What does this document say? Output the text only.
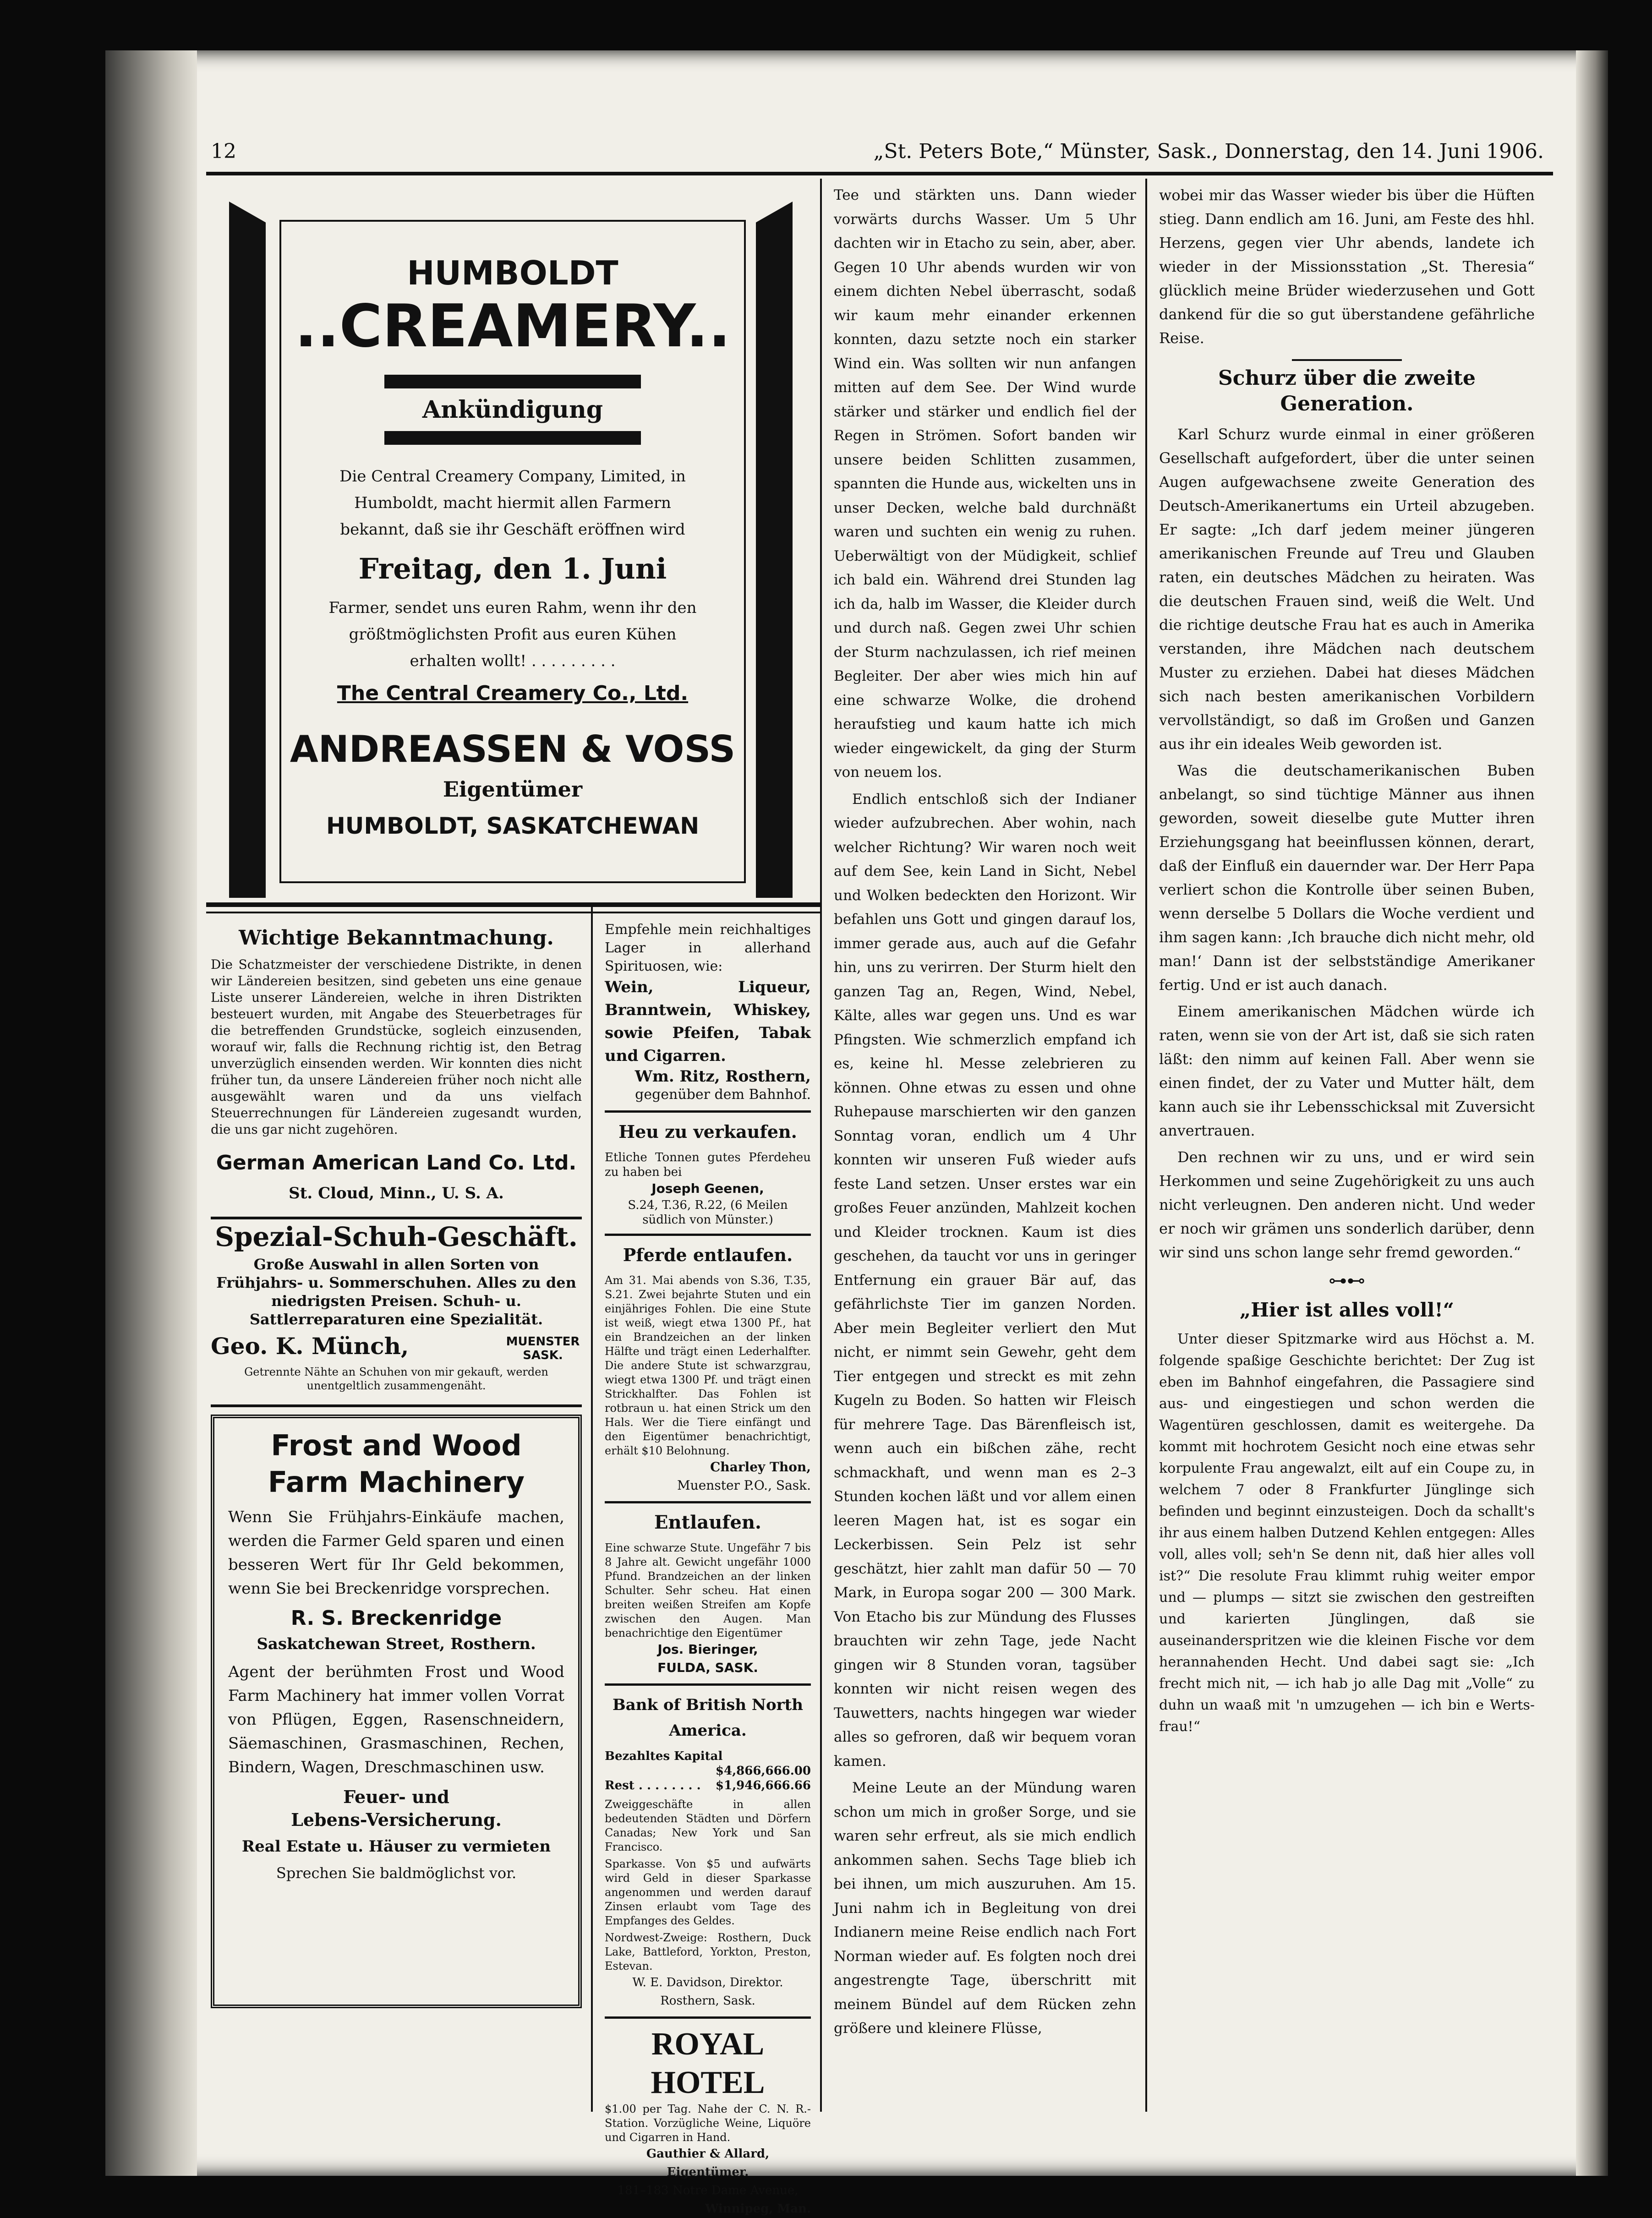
12	„St. Peters Bote,“ Münster, Sask., Donnerstag, den 14. Juni 1906.
HUMBOLDT
..CREAMERY..
Ankündigung
Die Central Creamery Company, Limited, in Humboldt, macht hiermit allen Farmern bekannt, daß sie ihr Geschäft eröffnen wird
Freitag, den 1. Juni
Farmer, sendet uns euren Rahm, wenn ihr den größtmöglichsten Profit aus euren Kühen erhalten wollt! . . . . . . . . .
The Central Creamery Co., Ltd.
ANDREASSEN & VOSS
Eigentümer
HUMBOLDT, SASKATCHEWAN
Wichtige Bekanntmachung.
Die Schatzmeister der verschiedene Distrikte, in denen wir Ländereien besitzen, sind gebeten uns eine genaue Liste unserer Ländereien, welche in ihren Distrikten besteuert wurden, mit Angabe des Steuerbetrages für die betreffenden Grundstücke, sogleich einzusenden, worauf wir, falls die Rechnung richtig ist, den Betrag unverzüglich einsenden werden. Wir konnten dies nicht früher tun, da unsere Ländereien früher noch nicht alle ausgewählt waren und da uns vielfach Steuerrechnungen für Ländereien zugesandt wurden, die uns gar nicht zugehören.
German American Land Co. Ltd.
St. Cloud, Minn., U. S. A.
Spezial-Schuh-Geschäft.
Große Auswahl in allen Sorten von Frühjahrs- u. Sommerschuhen. Alles zu den niedrigsten Preisen. Schuh- u. Sattlerreparaturen eine Spezialität.
Geo. K. Münch,	MUENSTER SASK.
Getrennte Nähte an Schuhen von mir gekauft, werden unentgeltlich zusammengenäht.
Frost and Wood
Farm Machinery
Wenn Sie Frühjahrs-Einkäufe machen, werden die Farmer Geld sparen und einen besseren Wert für Ihr Geld bekommen, wenn Sie bei Breckenridge vorsprechen.
R. S. Breckenridge
Saskatchewan Street, Rosthern.
Agent der berühmten Frost und Wood Farm Machinery hat immer vollen Vorrat von Pflügen, Eggen, Rasenschneidern, Säemaschinen, Grasmaschinen, Rechen, Bindern, Wagen, Dreschmaschinen usw.
Feuer- und
Lebens-Versicherung.
Real Estate u. Häuser zu vermieten
Sprechen Sie baldmöglichst vor.
Empfehle mein reichhaltiges Lager in allerhand Spirituosen, wie:
Wein, Liqueur, Branntwein, Whiskey, sowie Pfeifen, Tabak und Cigarren.
Wm. Ritz, Rosthern,
gegenüber dem Bahnhof.
Heu zu verkaufen.
Etliche Tonnen gutes Pferdeheu zu haben bei
Joseph Geenen,
S.24, T.36, R.22, (6 Meilen südlich von Münster.)
Pferde entlaufen.
Am 31. Mai abends von S.36, T.35, S.21. Zwei bejahrte Stuten und ein einjähriges Fohlen. Die eine Stute ist weiß, wiegt etwa 1300 Pf., hat ein Brandzeichen an der linken Hälfte und trägt einen Lederhalfter. Die andere Stute ist schwarzgrau, wiegt etwa 1300 Pf. und trägt einen Strickhalfter. Das Fohlen ist rotbraun u. hat einen Strick um den Hals. Wer die Tiere einfängt und den Eigentümer benachrichtigt, erhält $10 Belohnung.
Charley Thon,
Muenster P.O., Sask.
Entlaufen.
Eine schwarze Stute. Ungefähr 7 bis 8 Jahre alt. Gewicht ungefähr 1000 Pfund. Brandzeichen an der linken Schulter. Sehr scheu. Hat einen breiten weißen Streifen am Kopfe zwischen den Augen. Man benachrichtige den Eigentümer
Jos. Bieringer,
FULDA, SASK.
Bank of British North America.
Bezahltes Kapital
$4,866,666.00
Rest . . . . . . . . $1,946,666.66
Zweiggeschäfte in allen bedeutenden Städten und Dörfern Canadas; New York und San Francisco.
Sparkasse. Von $5 und aufwärts wird Geld in dieser Sparkasse angenommen und werden darauf Zinsen erlaubt vom Tage des Empfanges des Geldes.
Nordwest-Zweige: Rosthern, Duck Lake, Battleford, Yorkton, Preston, Estevan.
W. E. Davidson, Direktor.
Rosthern, Sask.
ROYAL HOTEL
$1.00 per Tag. Nahe der C. N. R.-Station. Vorzügliche Weine, Liquöre und Cigarren in Hand.
Gauthier & Allard, Eigentümer.
181–183 Notre Dame Avenue,
Winnipeg, Man.

Tee und stärkten uns. Dann wieder vorwärts durchs Wasser. Um 5 Uhr dachten wir in Etacho zu sein, aber, aber. Gegen 10 Uhr abends wurden wir von einem dichten Nebel überrascht, sodaß wir kaum mehr einander erkennen konnten, dazu setzte noch ein starker Wind ein. Was sollten wir nun anfangen mitten auf dem See. Der Wind wurde stärker und stärker und endlich fiel der Regen in Strömen. Sofort banden wir unsere beiden Schlitten zusammen, spannten die Hunde aus, wickelten uns in unser Decken, welche bald durchnäßt waren und suchten ein wenig zu ruhen. Ueberwältigt von der Müdigkeit, schlief ich bald ein. Während drei Stunden lag ich da, halb im Wasser, die Kleider durch und durch naß. Gegen zwei Uhr schien der Sturm nachzulassen, ich rief meinen Begleiter. Der aber wies mich hin auf eine schwarze Wolke, die drohend heraufstieg und kaum hatte ich mich wieder eingewickelt, da ging der Sturm von neuem los.

Endlich entschloß sich der Indianer wieder aufzubrechen. Aber wohin, nach welcher Richtung? Wir waren noch weit auf dem See, kein Land in Sicht, Nebel und Wolken bedeckten den Horizont. Wir befahlen uns Gott und gingen darauf los, immer gerade aus, auch auf die Gefahr hin, uns zu verirren. Der Sturm hielt den ganzen Tag an, Regen, Wind, Nebel, Kälte, alles war gegen uns. Und es war Pfingsten. Wie schmerzlich empfand ich es, keine hl. Messe zelebrieren zu können. Ohne etwas zu essen und ohne Ruhepause marschierten wir den ganzen Sonntag voran, endlich um 4 Uhr konnten wir unseren Fuß wieder aufs feste Land setzen. Unser erstes war ein großes Feuer anzünden, Mahlzeit kochen und Kleider trocknen. Kaum ist dies geschehen, da taucht vor uns in geringer Entfernung ein grauer Bär auf, das gefährlichste Tier im ganzen Norden. Aber mein Begleiter verliert den Mut nicht, er nimmt sein Gewehr, geht dem Tier entgegen und streckt es mit zehn Kugeln zu Boden. So hatten wir Fleisch für mehrere Tage. Das Bärenfleisch ist, wenn auch ein bißchen zähe, recht schmackhaft, und wenn man es 2–3 Stunden kochen läßt und vor allem einen leeren Magen hat, ist es sogar ein Leckerbissen. Sein Pelz ist sehr geschätzt, hier zahlt man dafür 50 — 70 Mark, in Europa sogar 200 — 300 Mark. Von Etacho bis zur Mündung des Flusses brauchten wir zehn Tage, jede Nacht gingen wir 8 Stunden voran, tagsüber konnten wir nicht reisen wegen des Tauwetters, nachts hingegen war wieder alles so gefroren, daß wir bequem voran kamen.

Meine Leute an der Mündung waren schon um mich in großer Sorge, und sie waren sehr erfreut, als sie mich endlich ankommen sahen. Sechs Tage blieb ich bei ihnen, um mich auszuruhen. Am 15. Juni nahm ich in Begleitung von drei Indianern meine Reise endlich nach Fort Norman wieder auf. Es folgten noch drei angestrengte Tage, überschritt mit meinem Bündel auf dem Rücken zehn größere und kleinere Flüsse,

wobei mir das Wasser wieder bis über die Hüften stieg. Dann endlich am 16. Juni, am Feste des hhl. Herzens, gegen vier Uhr abends, landete ich wieder in der Missionsstation „St. Theresia“ glücklich meine Brüder wiederzusehen und Gott dankend für die so gut überstandene gefährliche Reise.

Schurz über die zweite Generation.

Karl Schurz wurde einmal in einer größeren Gesellschaft aufgefordert, über die unter seinen Augen aufgewachsene zweite Generation des Deutsch-Amerikanertums ein Urteil abzugeben. Er sagte: „Ich darf jedem meiner jüngeren amerikanischen Freunde auf Treu und Glauben raten, ein deutsches Mädchen zu heiraten. Was die deutschen Frauen sind, weiß die Welt. Und die richtige deutsche Frau hat es auch in Amerika verstanden, ihre Mädchen nach deutschem Muster zu erziehen. Dabei hat dieses Mädchen sich nach besten amerikanischen Vorbildern vervollständigt, so daß im Großen und Ganzen aus ihr ein ideales Weib geworden ist.

Was die deutschamerikanischen Buben anbelangt, so sind tüchtige Männer aus ihnen geworden, soweit dieselbe gute Mutter ihren Erziehungsgang hat beeinflussen können, derart, daß der Einfluß ein dauernder war. Der Herr Papa verliert schon die Kontrolle über seinen Buben, wenn derselbe 5 Dollars die Woche verdient und ihm sagen kann: ‚Ich brauche dich nicht mehr, old man!‘ Dann ist der selbstständige Amerikaner fertig. Und er ist auch danach.

Einem amerikanischen Mädchen würde ich raten, wenn sie von der Art ist, daß sie sich raten läßt: den nimm auf keinen Fall. Aber wenn sie einen findet, der zu Vater und Mutter hält, dem kann auch sie ihr Lebensschicksal mit Zuversicht anvertrauen.

Den rechnen wir zu uns, und er wird sein Herkommen und seine Zugehörigkeit zu uns auch nicht verleugnen. Den anderen nicht. Und weder er noch wir grämen uns sonderlich darüber, denn wir sind uns schon lange sehr fremd geworden.“

⊶⊷
„Hier ist alles voll!“

Unter dieser Spitzmarke wird aus Höchst a. M. folgende spaßige Geschichte berichtet: Der Zug ist eben im Bahnhof eingefahren, die Passagiere sind aus- und eingestiegen und schon werden die Wagentüren geschlossen, damit es weitergehe. Da kommt mit hochrotem Gesicht noch eine etwas sehr korpulente Frau angewalzt, eilt auf ein Coupe zu, in welchem 7 oder 8 Frankfurter Jünglinge sich befinden und beginnt einzusteigen. Doch da schallt's ihr aus einem halben Dutzend Kehlen entgegen: Alles voll, alles voll; seh'n Se denn nit, daß hier alles voll ist?“ Die resolute Frau klimmt ruhig weiter empor und — plumps — sitzt sie zwischen den gestreiften und karierten Jünglingen, daß sie auseinanderspritzen wie die kleinen Fische vor dem herannahenden Hecht. Und dabei sagt sie: „Ich frecht mich nit, — ich hab jo alle Dag mit „Volle“ zu duhn un waaß mit 'n umzugehen — ich bin e Werts-frau!“
